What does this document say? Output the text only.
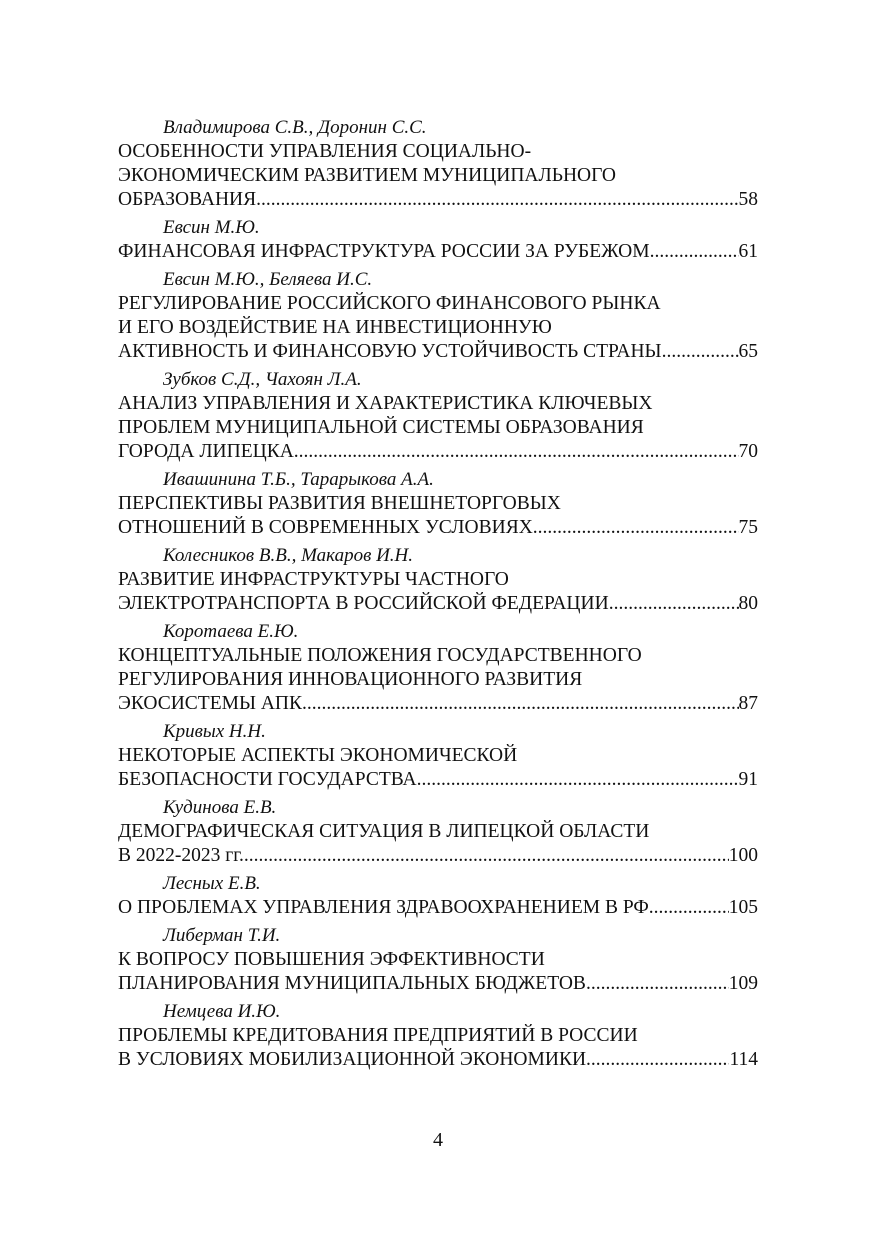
Владимирова С.В., Доронин С.С.
ОСОБЕННОСТИ УПРАВЛЕНИЯ СОЦИАЛЬНО-
ЭКОНОМИЧЕСКИМ РАЗВИТИЕМ МУНИЦИПАЛЬНОГО
ОБРАЗОВАНИЯ .....	58
Евсин М.Ю.
ФИНАНСОВАЯ ИНФРАСТРУКТУРА РОССИИ ЗА РУБЕЖОМ .....	61
Евсин М.Ю., Беляева И.С.
РЕГУЛИРОВАНИЕ РОССИЙСКОГО ФИНАНСОВОГО РЫНКА
И ЕГО ВОЗДЕЙСТВИЕ НА ИНВЕСТИЦИОННУЮ
АКТИВНОСТЬ И ФИНАНСОВУЮ УСТОЙЧИВОСТЬ СТРАНЫ .....	65
Зубков С.Д., Чахоян Л.А.
АНАЛИЗ УПРАВЛЕНИЯ И ХАРАКТЕРИСТИКА КЛЮЧЕВЫХ
ПРОБЛЕМ МУНИЦИПАЛЬНОЙ СИСТЕМЫ ОБРАЗОВАНИЯ
ГОРОДА ЛИПЕЦКА .....	70
Ивашинина Т.Б., Тарарыкова А.А.
ПЕРСПЕКТИВЫ РАЗВИТИЯ ВНЕШНЕТОРГОВЫХ
ОТНОШЕНИЙ В СОВРЕМЕННЫХ УСЛОВИЯХ .....	75
Колесников В.В., Макаров И.Н.
РАЗВИТИЕ ИНФРАСТРУКТУРЫ ЧАСТНОГО
ЭЛЕКТРОТРАНСПОРТА В РОССИЙСКОЙ ФЕДЕРАЦИИ .....	80
Коротаева Е.Ю.
КОНЦЕПТУАЛЬНЫЕ ПОЛОЖЕНИЯ ГОСУДАРСТВЕННОГО
РЕГУЛИРОВАНИЯ ИННОВАЦИОННОГО РАЗВИТИЯ
ЭКОСИСТЕМЫ АПК .....	87
Кривых Н.Н.
НЕКОТОРЫЕ АСПЕКТЫ ЭКОНОМИЧЕСКОЙ
БЕЗОПАСНОСТИ ГОСУДАРСТВА .....	91
Кудинова Е.В.
ДЕМОГРАФИЧЕСКАЯ СИТУАЦИЯ В ЛИПЕЦКОЙ ОБЛАСТИ
В 2022-2023 гг. .....	100
Лесных Е.В.
О ПРОБЛЕМАХ УПРАВЛЕНИЯ ЗДРАВООХРАНЕНИЕМ В РФ .....	105
Либерман Т.И.
К ВОПРОСУ ПОВЫШЕНИЯ ЭФФЕКТИВНОСТИ
ПЛАНИРОВАНИЯ МУНИЦИПАЛЬНЫХ БЮДЖЕТОВ .....	109
Немцева И.Ю.
ПРОБЛЕМЫ КРЕДИТОВАНИЯ ПРЕДПРИЯТИЙ В РОССИИ
В УСЛОВИЯХ МОБИЛИЗАЦИОННОЙ ЭКОНОМИКИ .....	114
4
